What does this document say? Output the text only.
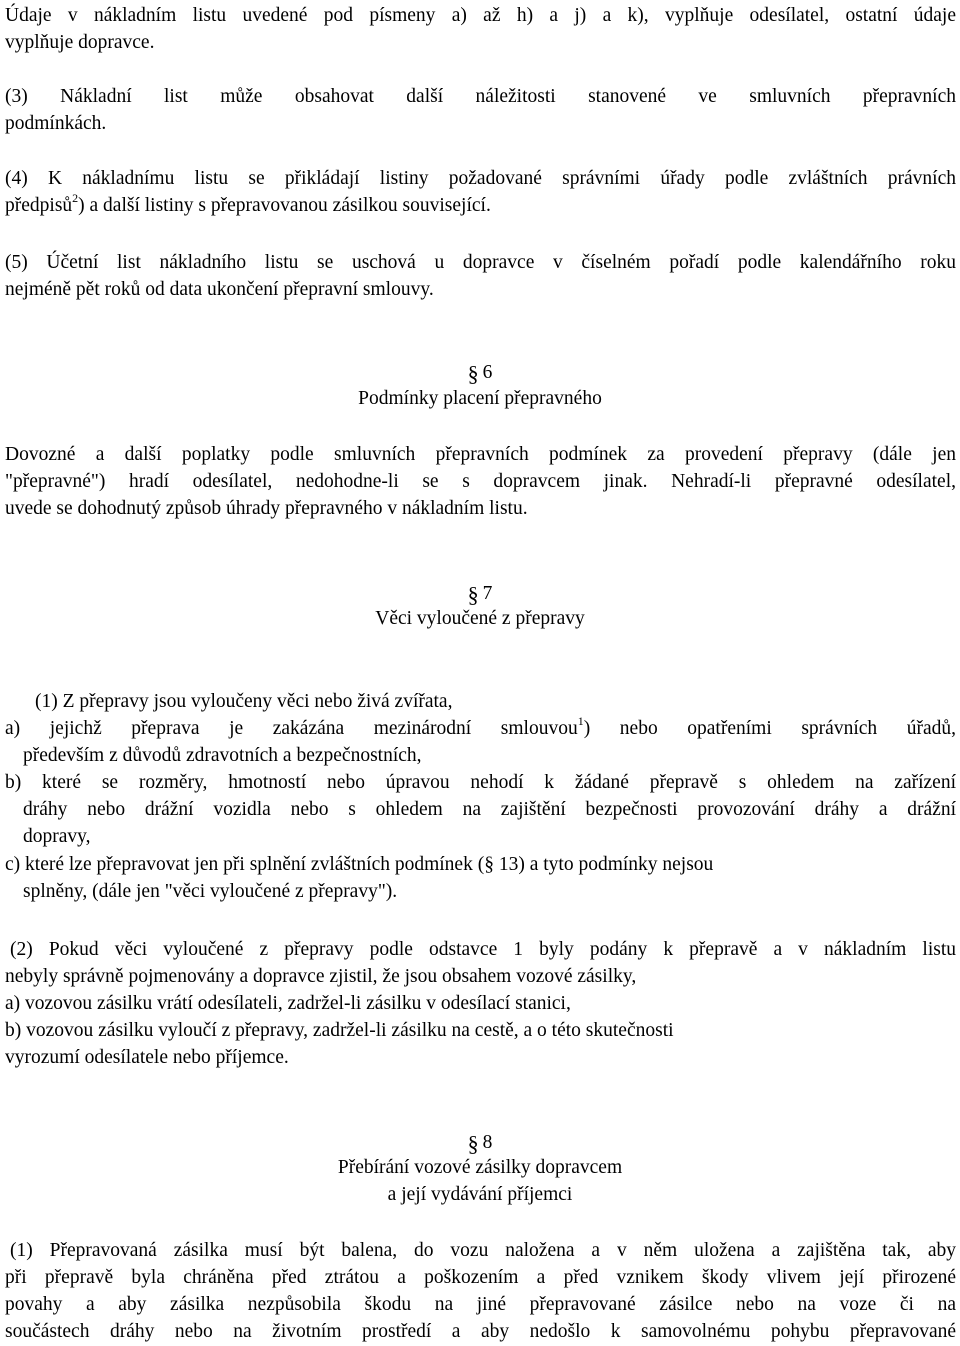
Údaje v nákladním listu uvedené pod písmeny a) až h) a j) a k), vyplňuje odesílatel, ostatní údaje

vyplňuje dopravce.

(3) Nákladní list může obsahovat další náležitosti stanovené ve smluvních přepravních

podmínkách.

(4) K nákladnímu listu se přikládají listiny požadované správními úřady podle zvláštních právních

předpisů$^2$) a další listiny s přepravovanou zásilkou související.

(5) Účetní list nákladního listu se uschová u dopravce v číselném pořadí podle kalendářního roku

nejméně pět roků od data ukončení přepravní smlouvy.

§ 6

Podmínky placení přepravného

Dovozné a další poplatky podle smluvních přepravních podmínek za provedení přepravy (dále jen

"přepravné") hradí odesílatel, nedohodne-li se s dopravcem jinak. Nehradí-li přepravné odesílatel,

uvede se dohodnutý způsob úhrady přepravného v nákladním listu.

§ 7

Věci vyloučené z přepravy

(1) Z přepravy jsou vyloučeny věci nebo živá zvířata,

a) jejichž přeprava je zakázána mezinárodní smlouvou$^1$) nebo opatřeními správních úřadů,

především z důvodů zdravotních a bezpečnostních,

b) které se rozměry, hmotností nebo úpravou nehodí k žádané přepravě s ohledem na zařízení

dráhy nebo drážní vozidla nebo s ohledem na zajištění bezpečnosti provozování dráhy a drážní

dopravy,

c) které lze přepravovat jen při splnění zvláštních podmínek (§ 13) a tyto podmínky nejsou

splněny, (dále jen "věci vyloučené z přepravy").

(2) Pokud věci vyloučené z přepravy podle odstavce 1 byly podány k přepravě a v nákladním listu

nebyly správně pojmenovány a dopravce zjistil, že jsou obsahem vozové zásilky,

a) vozovou zásilku vrátí odesílateli, zadržel-li zásilku v odesílací stanici,

b) vozovou zásilku vyloučí z přepravy, zadržel-li zásilku na cestě, a o této skutečnosti

vyrozumí odesílatele nebo příjemce.

§ 8

Přebírání vozové zásilky dopravcem

a její vydávání příjemci

(1) Přepravovaná zásilka musí být balena, do vozu naložena a v něm uložena a zajištěna tak, aby

při přepravě byla chráněna před ztrátou a poškozením a před vznikem škody vlivem její přirozené

povahy a aby zásilka nezpůsobila škodu na jiné přepravované zásilce nebo na voze či na

součástech dráhy nebo na životním prostředí a aby nedošlo k samovolnému pohybu přepravované
